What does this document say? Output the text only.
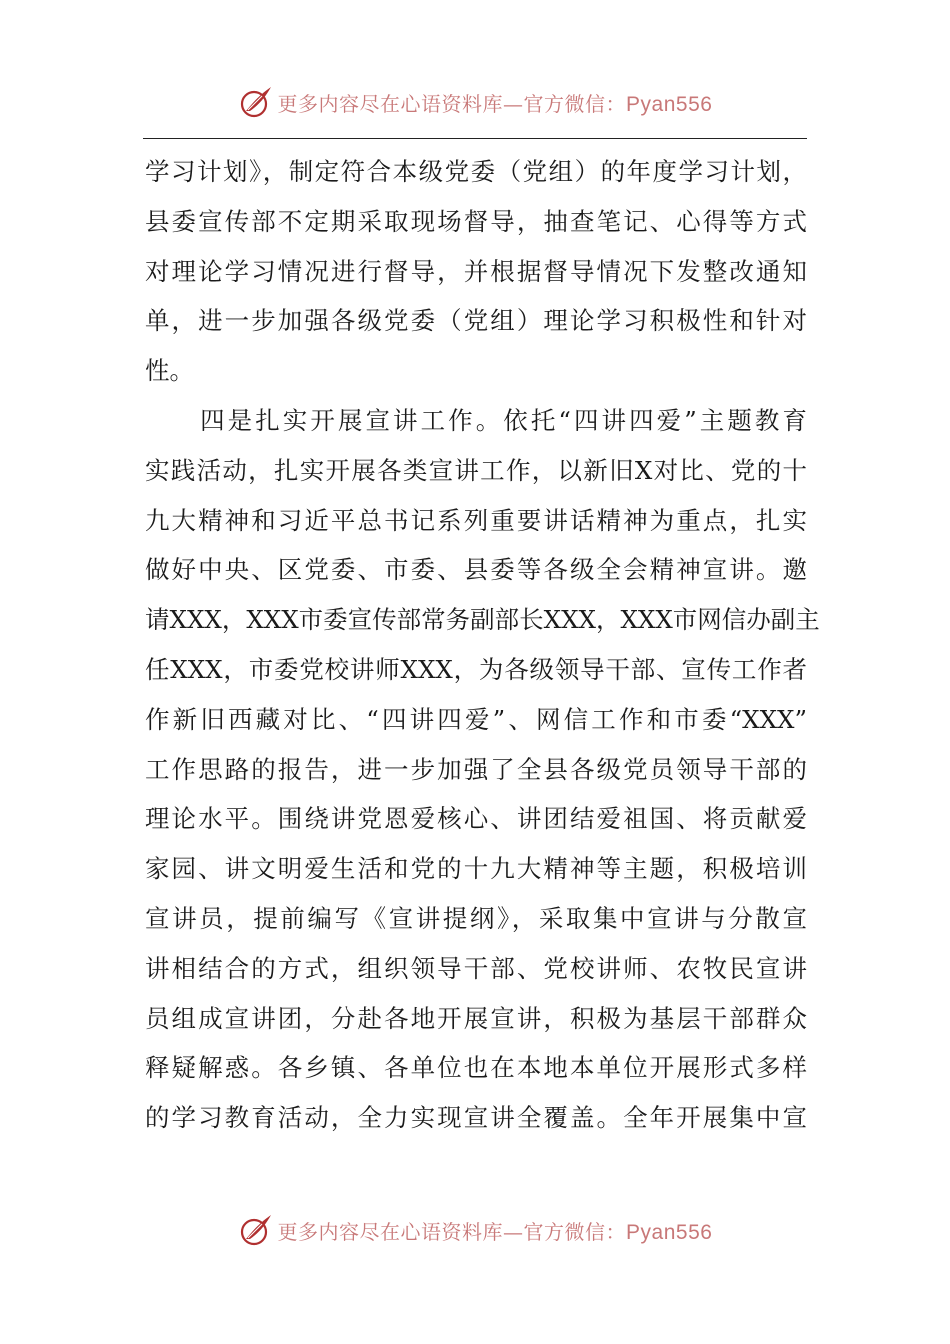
更多内容尽在心语资料库—官方微信：Pyan556
学习计划》，制定符合本级党委（党组）的年度学习计划，
县委宣传部不定期采取现场督导，抽查笔记、心得等方式
对理论学习情况进行督导，并根据督导情况下发整改通知
单，进一步加强各级党委（党组）理论学习积极性和针对
性。
　　四是扎实开展宣讲工作。依托“四讲四爱”主题教育
实践活动，扎实开展各类宣讲工作，以新旧X对比、党的十
九大精神和习近平总书记系列重要讲话精神为重点，扎实
做好中央、区党委、市委、县委等各级全会精神宣讲。邀
请XXX，XXX市委宣传部常务副部长XXX，XXX市网信办副主
任XXX，市委党校讲师XXX，为各级领导干部、宣传工作者
作新旧西藏对比、“四讲四爱”、网信工作和市委“XXX”
工作思路的报告，进一步加强了全县各级党员领导干部的
理论水平。围绕讲党恩爱核心、讲团结爱祖国、将贡献爱
家园、讲文明爱生活和党的十九大精神等主题，积极培训
宣讲员，提前编写《宣讲提纲》，采取集中宣讲与分散宣
讲相结合的方式，组织领导干部、党校讲师、农牧民宣讲
员组成宣讲团，分赴各地开展宣讲，积极为基层干部群众
释疑解惑。各乡镇、各单位也在本地本单位开展形式多样
的学习教育活动，全力实现宣讲全覆盖。全年开展集中宣
更多内容尽在心语资料库—官方微信：Pyan556
